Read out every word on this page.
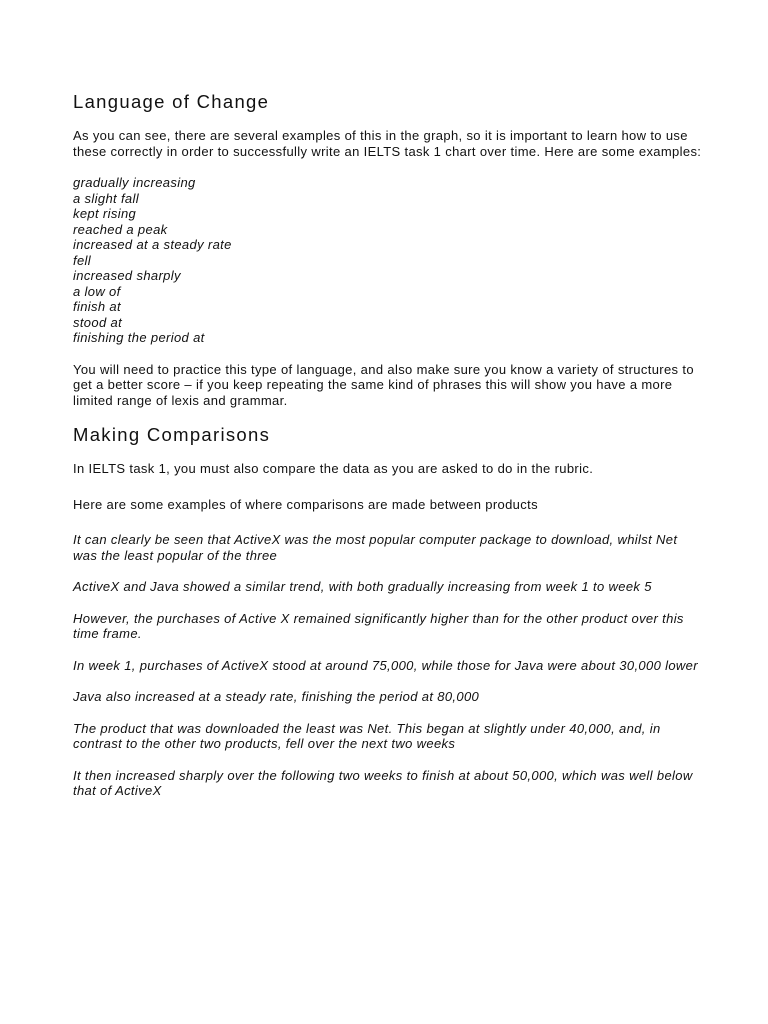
Language of Change

As you can see, there are several examples of this in the graph, so it is important to learn how to use these correctly in order to successfully write an IELTS task 1 chart over time. Here are some examples:

gradually increasing
a slight fall
kept rising
reached a peak
increased at a steady rate
fell
increased sharply
a low of
finish at
stood at
finishing the period at

You will need to practice this type of language, and also make sure you know a variety of structures to get a better score – if you keep repeating the same kind of phrases this will show you have a more limited range of lexis and grammar.

Making Comparisons

In IELTS task 1, you must also compare the data as you are asked to do in the rubric.

Here are some examples of where comparisons are made between products

It can clearly be seen that ActiveX was the most popular computer package to download, whilst Net was the least popular of the three

ActiveX and Java showed a similar trend, with both gradually increasing from week 1 to week 5

However, the purchases of Active X remained significantly higher than for the other product over this time frame.

In week 1, purchases of ActiveX stood at around 75,000, while those for Java were about 30,000 lower

Java also increased at a steady rate, finishing the period at 80,000

The product that was downloaded the least was Net. This began at slightly under 40,000, and, in contrast to the other two products, fell over the next two weeks

It then increased sharply over the following two weeks to finish at about 50,000, which was well below that of ActiveX
